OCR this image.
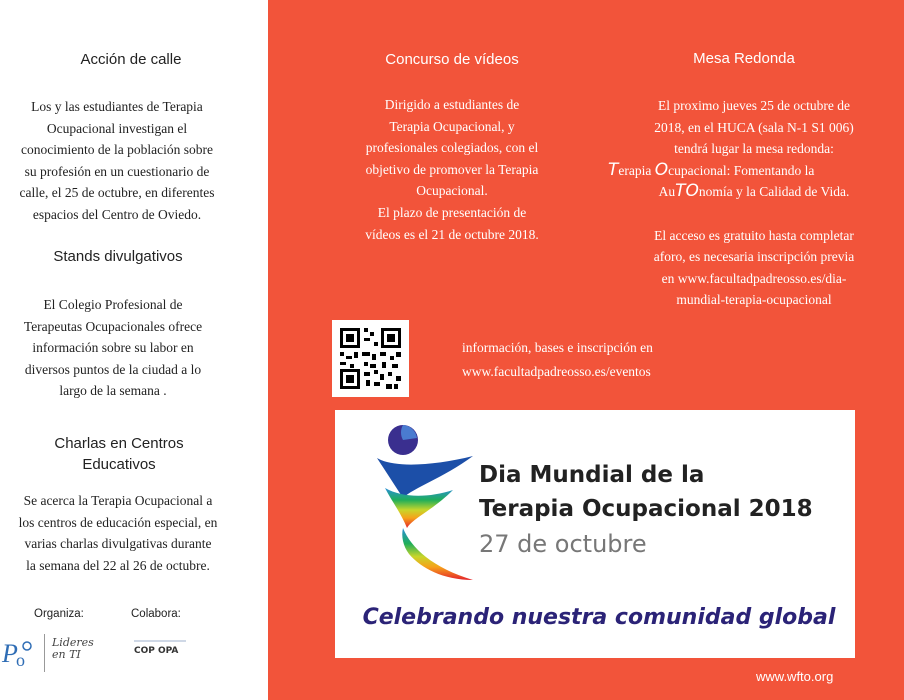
Acción de calle
Los y las estudiantes de Terapia
Ocupacional investigan el
conocimiento de la población sobre
su profesión en un cuestionario de
calle, el 25 de octubre, en diferentes
espacios del Centro de Oviedo.
Stands divulgativos
El Colegio Profesional de
Terapeutas Ocupacionales ofrece
información sobre su labor en
diversos puntos de la ciudad a lo
largo de la semana .
Charlas en Centros
Educativos
Se acerca la Terapia Ocupacional a
los centros de educación especial, en
varias charlas divulgativas durante
la semana del 22 al 26 de octubre.
Organiza:	Colabora:
P
o
Lideres
en TI	COP OPA
Concurso de vídeos
Dirigido a estudiantes de
Terapia Ocupacional, y
profesionales colegiados, con el
objetivo de promover la Terapia
Ocupacional.
El plazo de presentación de
vídeos es el 21 de octubre 2018.
Mesa Redonda
El proximo jueves 25 de octubre de
2018, en el HUCA (sala N-1 S1 006)
tendrá lugar la mesa redonda:
Terapia Ocupacional: Fomentando la
AuTOnomía y la Calidad de Vida.
El acceso es gratuito hasta completar
aforo, es necesaria inscripción previa
en www.facultadpadreosso.es/dia-
mundial-terapia-ocupacional
información, bases e inscripción en
www.facultadpadreosso.es/eventos
Dia Mundial de la
Terapia Ocupacional 2018
27 de octubre
Celebrando nuestra comunidad global
www.wfto.org
